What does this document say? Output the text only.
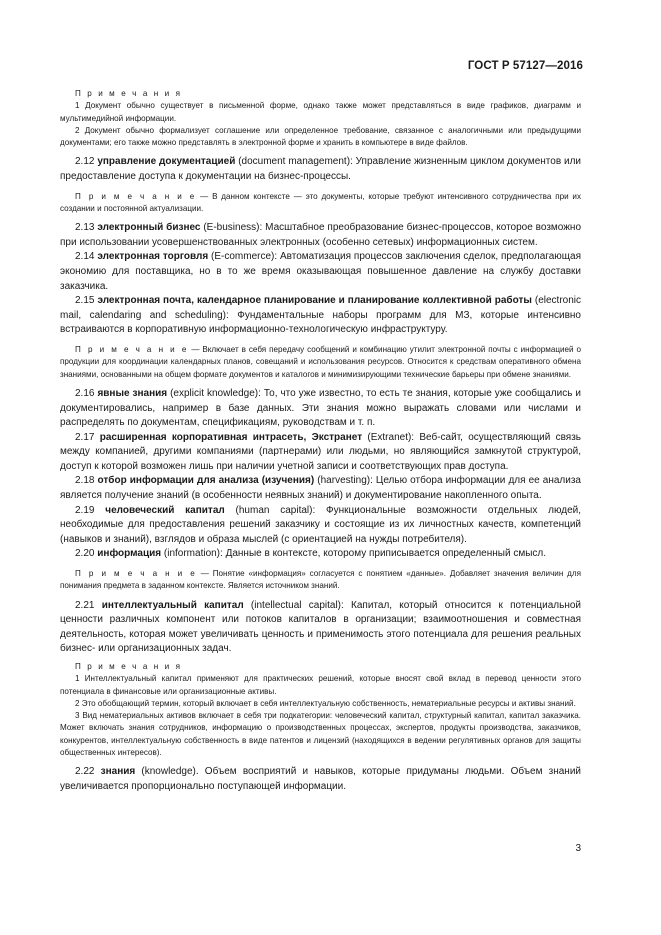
ГОСТ Р 57127—2016
П р и м е ч а н и я

1 Документ обычно существует в письменной форме, однако также может представляться в виде графиков, диаграмм и мультимедийной информации.

2 Документ обычно формализует соглашение или определенное требование, связанное с аналогичными или предыдущими документами; его также можно представлять в электронной форме и хранить в компьютере в виде файлов.

2.12 управление документацией (document management): Управление жизненным циклом документов или предоставление доступа к документации на бизнес-процессы.

П р и м е ч а н и е — В данном контексте — это документы, которые требуют интенсивного сотрудничества при их создании и постоянной актуализации.

2.13 электронный бизнес (E-business): Масштабное преобразование бизнес-процессов, которое возможно при использовании усовершенствованных электронных (особенно сетевых) информационных систем.

2.14 электронная торговля (E-commerce): Автоматизация процессов заключения сделок, предполагающая экономию для поставщика, но в то же время оказывающая повышенное давление на службу доставки заказчика.

2.15 электронная почта, календарное планирование и планирование коллективной работы (electronic mail, calendaring and scheduling): Фундаментальные наборы программ для МЗ, которые интенсивно встраиваются в корпоративную информационно-технологическую инфраструктуру.

П р и м е ч а н и е — Включает в себя передачу сообщений и комбинацию утилит электронной почты с информацией о продукции для координации календарных планов, совещаний и использования ресурсов. Относится к средствам оперативного обмена знаниями, основанными на общем формате документов и каталогов и минимизирующими технические барьеры при обмене знаниями.

2.16 явные знания (explicit knowledge): То, что уже известно, то есть те знания, которые уже сообщались и документировались, например в базе данных. Эти знания можно выражать словами или числами и распределять по документам, спецификациям, руководствам и т. п.

2.17 расширенная корпоративная интрасеть, Экстранет (Extranet): Веб-сайт, осуществляющий связь между компанией, другими компаниями (партнерами) или людьми, но являющийся замкнутой структурой, доступ к которой возможен лишь при наличии учетной записи и соответствующих прав доступа.

2.18 отбор информации для анализа (изучения) (harvesting): Целью отбора информации для ее анализа является получение знаний (в особенности неявных знаний) и документирование накопленного опыта.

2.19 человеческий капитал (human capital): Функциональные возможности отдельных людей, необходимые для предоставления решений заказчику и состоящие из их личностных качеств, компетенций (навыков и знаний), взглядов и образа мыслей (с ориентацией на нужды потребителя).

2.20 информация (information): Данные в контексте, которому приписывается определенный смысл.

П р и м е ч а н и е — Понятие «информация» согласуется с понятием «данные». Добавляет значения величин для понимания предмета в заданном контексте. Является источником знаний.

2.21 интеллектуальный капитал (intellectual capital): Капитал, который относится к потенциальной ценности различных компонент или потоков капиталов в организации; взаимоотношения и совместная деятельность, которая может увеличивать ценность и применимость этого потенциала для решения реальных бизнес- или организационных задач.

П р и м е ч а н и я

1 Интеллектуальный капитал применяют для практических решений, которые вносят свой вклад в перевод ценности этого потенциала в финансовые или организационные активы.

2 Это обобщающий термин, который включает в себя интеллектуальную собственность, нематериальные ресурсы и активы знаний.

3 Вид нематериальных активов включает в себя три подкатегории: человеческий капитал, структурный капитал, капитал заказчика. Может включать знания сотрудников, информацию о производственных процессах, экспертов, продукты производства, заказчиков, конкурентов, интеллектуальную собственность в виде патентов и лицензий (находящихся в ведении регулятивных органов для защиты общественных интересов).

2.22 знания (knowledge). Объем восприятий и навыков, которые придуманы людьми. Объем знаний увеличивается пропорционально поступающей информации.

3
